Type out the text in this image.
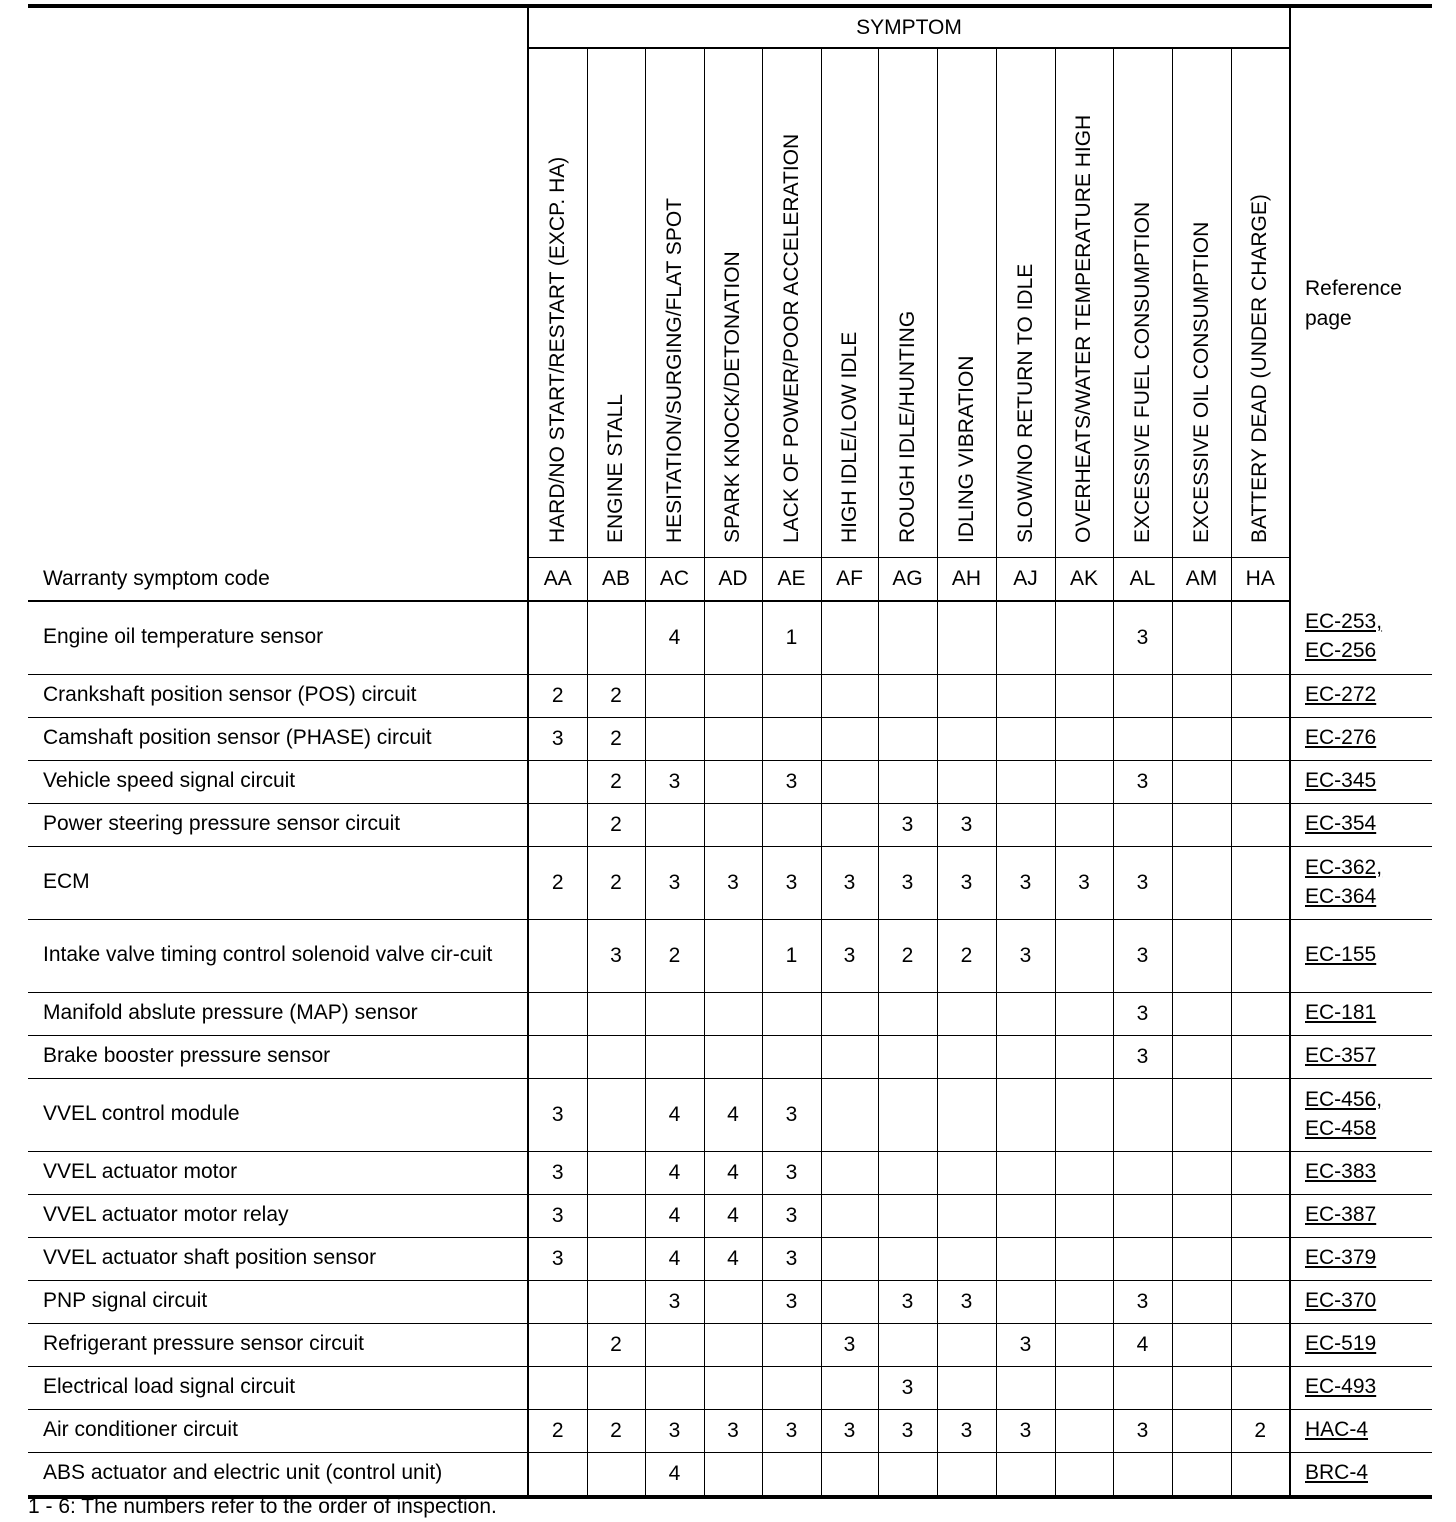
	SYMPTOM													Reference page

	HARD/NO START/RESTART (EXCP. HA)	ENGINE STALL	HESITATION/SURGING/FLAT SPOT	SPARK KNOCK/DETONATION	LACK OF POWER/POOR ACCELERATION	HIGH IDLE/LOW IDLE	ROUGH IDLE/HUNTING	IDLING VIBRATION	SLOW/NO RETURN TO IDLE	OVERHEATS/WATER TEMPERATURE HIGH	EXCESSIVE FUEL CONSUMPTION	EXCESSIVE OIL CONSUMPTION	BATTERY DEAD (UNDER CHARGE)	

Warranty symptom code	AA	AB	AC	AD	AE	AF	AG	AH	AJ	AK	AL	AM	HA	
Engine oil temperature sensor			4		1						3			EC-253,
EC-256

Crankshaft position sensor (POS) circuit	2	2												EC-272

Camshaft position sensor (PHASE) circuit	3	2												EC-276

Vehicle speed signal circuit		2	3		3						3			EC-345

Power steering pressure sensor circuit		2					3	3						EC-354

ECM	2	2	3	3	3	3	3	3	3	3	3			EC-362,
EC-364

Intake valve timing control solenoid valve cir-cuit		3	2		1	3	2	2	3		3			EC-155

Manifold abslute pressure (MAP) sensor											3			EC-181

Brake booster pressure sensor											3			EC-357

VVEL control module	3		4	4	3									EC-456,
EC-458

VVEL actuator motor	3		4	4	3									EC-383

VVEL actuator motor relay	3		4	4	3									EC-387

VVEL actuator shaft position sensor	3		4	4	3									EC-379

PNP signal circuit			3		3		3	3			3			EC-370

Refrigerant pressure sensor circuit		2				3			3		4			EC-519

Electrical load signal circuit							3							EC-493

Air conditioner circuit	2	2	3	3	3	3	3	3	3		3		2	HAC-4

ABS actuator and electric unit (control unit)			4											BRC-4
1 - 6: The numbers refer to the order of inspection.
